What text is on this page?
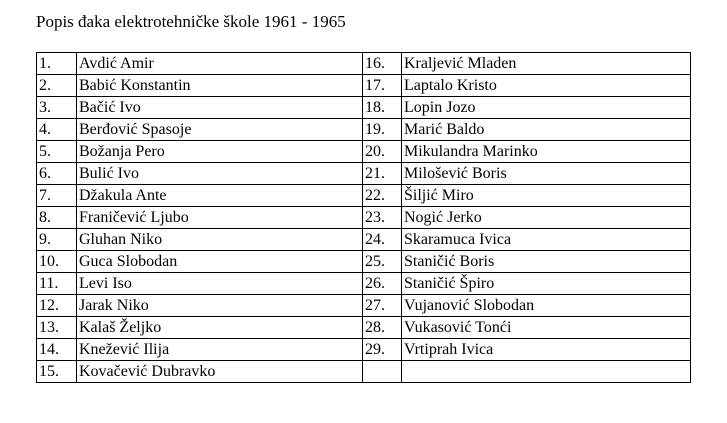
Popis đaka elektrotehničke škole 1961 - 1965
1.	Avdić Amir	16.	Kraljević Mladen
2.	Babić Konstantin	17.	Laptalo Kristo
3.	Bačić Ivo	18.	Lopin Jozo
4.	Berđović Spasoje	19.	Marić Baldo
5.	Božanja Pero	20.	Mikulandra Marinko
6.	Bulić Ivo	21.	Milošević Boris
7.	Džakula Ante	22.	Šiljić Miro
8.	Franičević Ljubo	23.	Nogić Jerko
9.	Gluhan Niko	24.	Skaramuca Ivica
10.	Guca Slobodan	25.	Staničić Boris
11.	Levi Iso	26.	Staničić Špiro
12.	Jarak Niko	27.	Vujanović Slobodan
13.	Kalaš Željko	28.	Vukasović Tonći
14.	Knežević Ilija	29.	Vrtiprah Ivica
15.	Kovačević Dubravko		
